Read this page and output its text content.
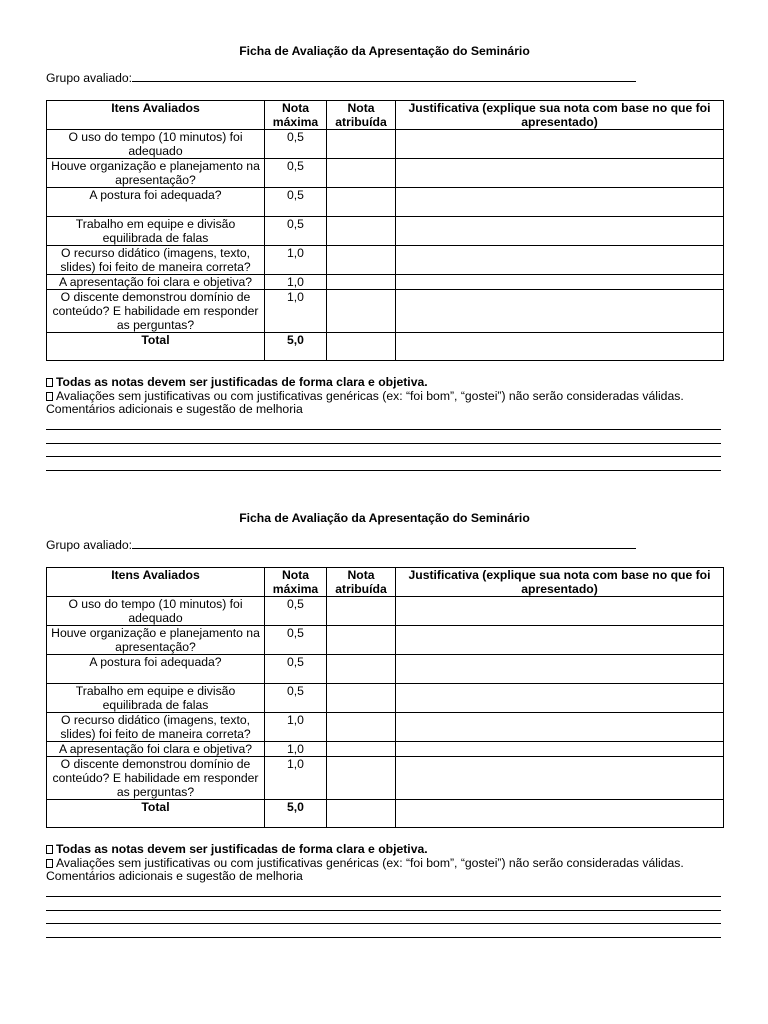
Ficha de Avaliação da Apresentação do Seminário
Grupo avaliado:
Itens Avaliados	Nota máxima	Nota atribuída	Justificativa (explique sua nota com base no que foi apresentado)
O uso do tempo (10 minutos) foi adequado	0,5		
Houve organização e planejamento na apresentação?	0,5		
A postura foi adequada?	0,5		
Trabalho em equipe e divisão equilibrada de falas	0,5		
O recurso didático (imagens, texto, slides) foi feito de maneira correta?	1,0		
A apresentação foi clara e objetiva?	1,0		
O discente demonstrou domínio de conteúdo? E habilidade em responder as perguntas?	1,0		
Total	5,0		
Todas as notas devem ser justificadas de forma clara e objetiva.
Avaliações sem justificativas ou com justificativas genéricas (ex: “foi bom”, “gostei”) não serão consideradas válidas.
Comentários adicionais e sugestão de melhoria
Ficha de Avaliação da Apresentação do Seminário
Grupo avaliado:
Itens Avaliados	Nota máxima	Nota atribuída	Justificativa (explique sua nota com base no que foi apresentado)
O uso do tempo (10 minutos) foi adequado	0,5		
Houve organização e planejamento na apresentação?	0,5		
A postura foi adequada?	0,5		
Trabalho em equipe e divisão equilibrada de falas	0,5		
O recurso didático (imagens, texto, slides) foi feito de maneira correta?	1,0		
A apresentação foi clara e objetiva?	1,0		
O discente demonstrou domínio de conteúdo? E habilidade em responder as perguntas?	1,0		
Total	5,0		
Todas as notas devem ser justificadas de forma clara e objetiva.
Avaliações sem justificativas ou com justificativas genéricas (ex: “foi bom”, “gostei”) não serão consideradas válidas.
Comentários adicionais e sugestão de melhoria
